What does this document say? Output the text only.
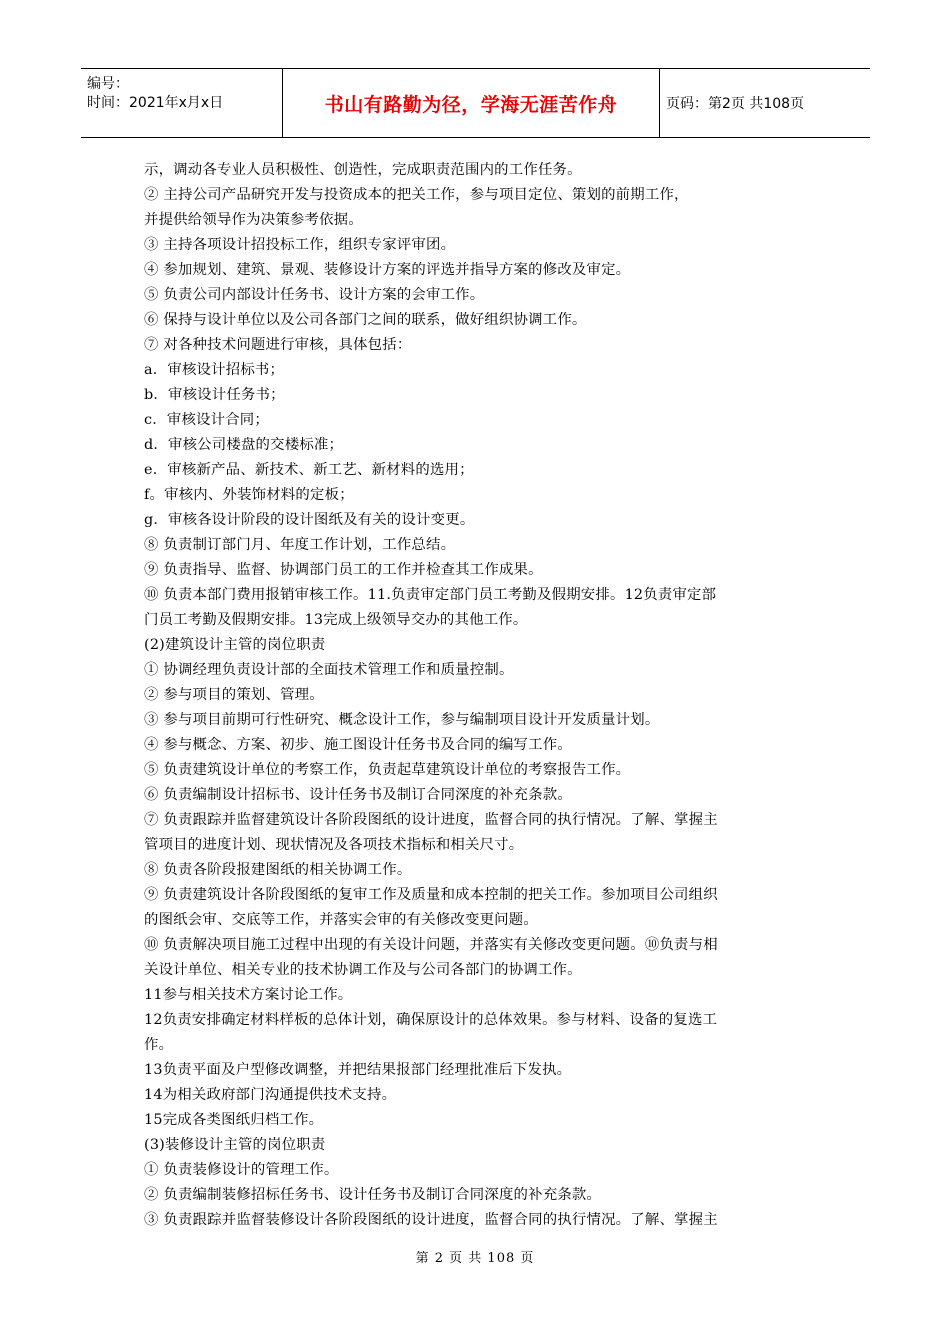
编号：
时间：2021年x月x日	书山有路勤为径，学海无涯苦作舟	页码：第2页 共108页
示，调动各专业人员积极性、创造性，完成职责范围内的工作任务。
② 主持公司产品研究开发与投资成本的把关工作，参与项目定位、策划的前期工作，
并提供给领导作为决策参考依据。
③ 主持各项设计招投标工作，组织专家评审团。
④ 参加规划、建筑、景观、装修设计方案的评选并指导方案的修改及审定。
⑤ 负责公司内部设计任务书、设计方案的会审工作。
⑥ 保持与设计单位以及公司各部门之间的联系，做好组织协调工作。
⑦ 对各种技术问题进行审核，具体包括：
a．审核设计招标书；
b．审核设计任务书；
c．审核设计合同；
d．审核公司楼盘的交楼标准；
e．审核新产品、新技术、新工艺、新材料的选用；
f。审核内、外装饰材料的定板；
g．审核各设计阶段的设计图纸及有关的设计变更。
⑧ 负责制订部门月、年度工作计划，工作总结。
⑨ 负责指导、监督、协调部门员工的工作并检查其工作成果。
⑩ 负责本部门费用报销审核工作。11.负责审定部门员工考勤及假期安排。12负责审定部
门员工考勤及假期安排。13完成上级领导交办的其他工作。
(2)建筑设计主管的岗位职责
① 协调经理负责设计部的全面技术管理工作和质量控制。
② 参与项目的策划、管理。
③ 参与项目前期可行性研究、概念设计工作，参与编制项目设计开发质量计划。
④ 参与概念、方案、初步、施工图设计任务书及合同的编写工作。
⑤ 负责建筑设计单位的考察工作，负责起草建筑设计单位的考察报告工作。
⑥ 负责编制设计招标书、设计任务书及制订合同深度的补充条款。
⑦ 负责跟踪并监督建筑设计各阶段图纸的设计进度，监督合同的执行情况。了解、掌握主
管项目的进度计划、现状情况及各项技术指标和相关尺寸。
⑧ 负责各阶段报建图纸的相关协调工作。
⑨ 负责建筑设计各阶段图纸的复审工作及质量和成本控制的把关工作。参加项目公司组织
的图纸会审、交底等工作，并落实会审的有关修改变更问题。
⑩ 负责解决项目施工过程中出现的有关设计问题，并落实有关修改变更问题。⑩负责与相
关设计单位、相关专业的技术协调工作及与公司各部门的协调工作。
11参与相关技术方案讨论工作。
12负责安排确定材料样板的总体计划，确保原设计的总体效果。参与材料、设备的复选工
作。
13负责平面及户型修改调整，并把结果报部门经理批准后下发执。
14为相关政府部门沟通提供技术支持。
15完成各类图纸归档工作。
(3)装修设计主管的岗位职责
① 负责装修设计的管理工作。
② 负责编制装修招标任务书、设计任务书及制订合同深度的补充条款。
③ 负责跟踪并监督装修设计各阶段图纸的设计进度，监督合同的执行情况。了解、掌握主
第 2 页 共 108 页
